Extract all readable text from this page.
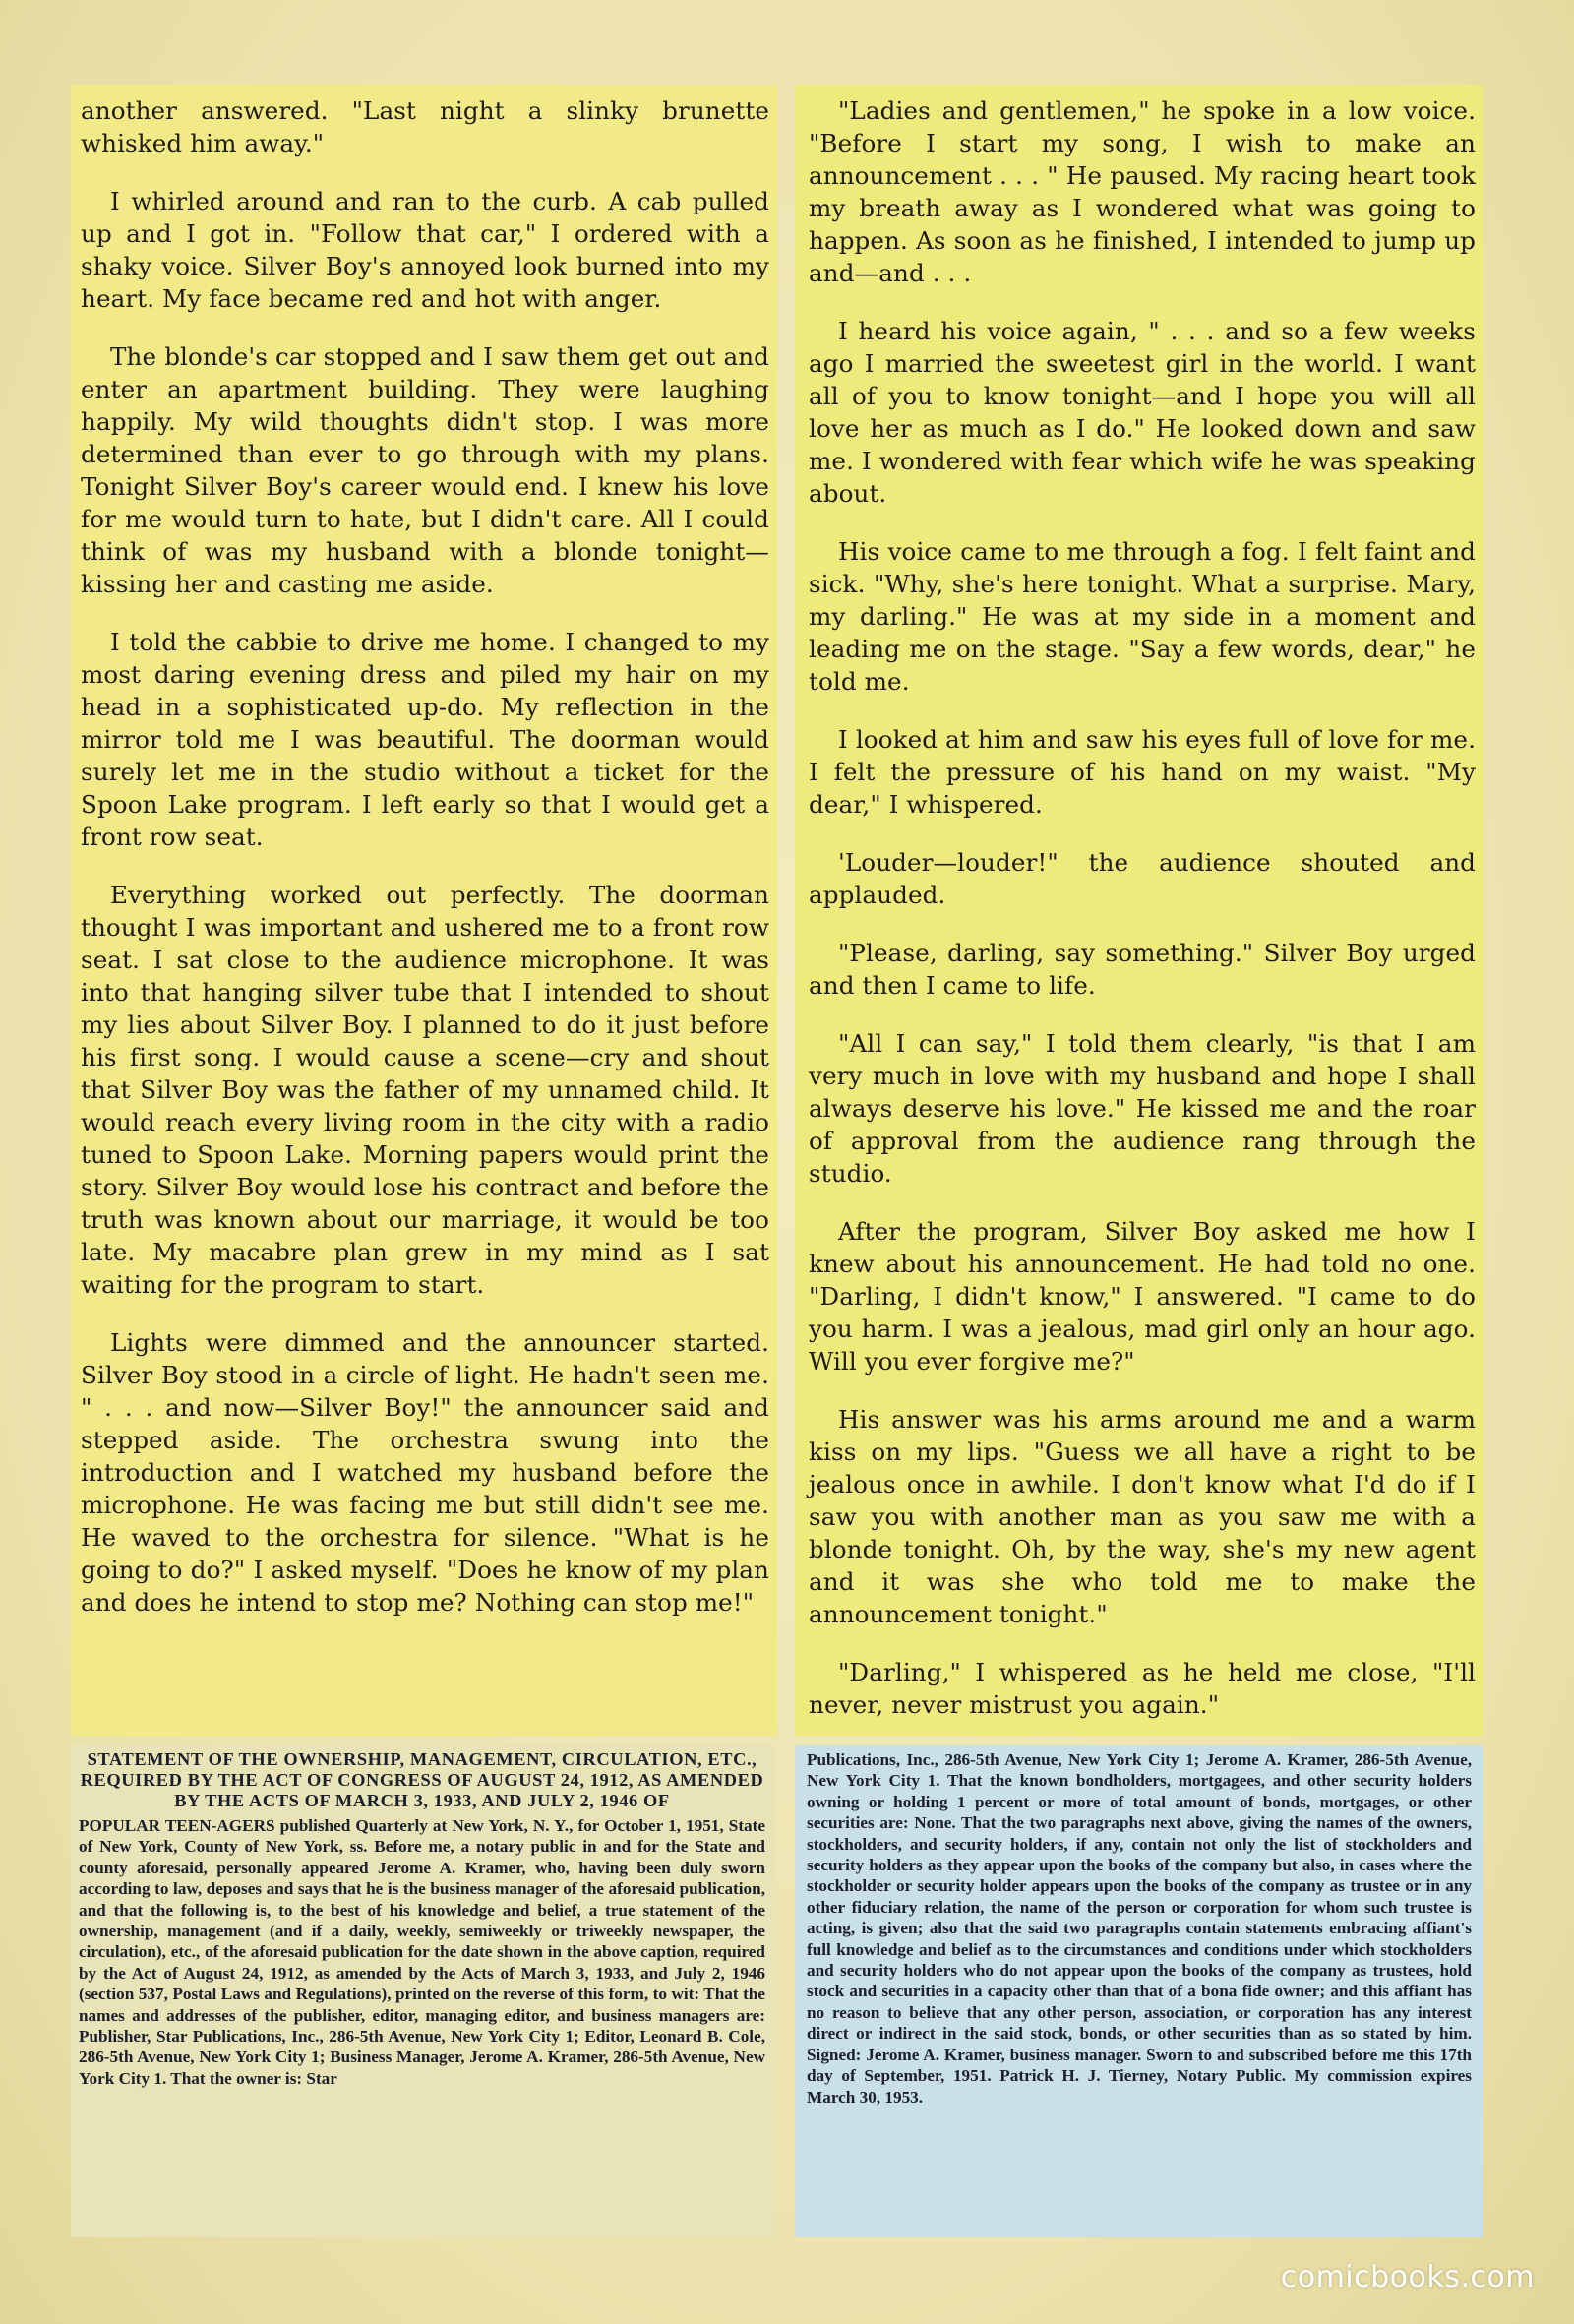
another answered. "Last night a slinky brunette whisked him away."

I whirled around and ran to the curb. A cab pulled up and I got in. "Follow that car," I ordered with a shaky voice. Silver Boy's annoyed look burned into my heart. My face became red and hot with anger.

The blonde's car stopped and I saw them get out and enter an apartment building. They were laughing happily. My wild thoughts didn't stop. I was more determined than ever to go through with my plans. Tonight Silver Boy's career would end. I knew his love for me would turn to hate, but I didn't care. All I could think of was my husband with a blonde tonight—kissing her and casting me aside.

I told the cabbie to drive me home. I changed to my most daring evening dress and piled my hair on my head in a sophisticated up-do. My reflection in the mirror told me I was beautiful. The doorman would surely let me in the studio without a ticket for the Spoon Lake program. I left early so that I would get a front row seat.

Everything worked out perfectly. The doorman thought I was important and ushered me to a front row seat. I sat close to the audience microphone. It was into that hanging silver tube that I intended to shout my lies about Silver Boy. I planned to do it just before his first song. I would cause a scene—cry and shout that Silver Boy was the father of my unnamed child. It would reach every living room in the city with a radio tuned to Spoon Lake. Morning papers would print the story. Silver Boy would lose his contract and before the truth was known about our marriage, it would be too late. My macabre plan grew in my mind as I sat waiting for the program to start.

Lights were dimmed and the announcer started. Silver Boy stood in a circle of light. He hadn't seen me. " . . . and now—Silver Boy!" the announcer said and stepped aside. The orchestra swung into the introduction and I watched my husband before the microphone. He was facing me but still didn't see me. He waved to the orchestra for silence. "What is he going to do?" I asked myself. "Does he know of my plan and does he intend to stop me? Nothing can stop me!"

"Ladies and gentlemen," he spoke in a low voice. "Before I start my song, I wish to make an announcement . . . " He paused. My racing heart took my breath away as I wondered what was going to happen. As soon as he finished, I intended to jump up and—and . . .

I heard his voice again, " . . . and so a few weeks ago I married the sweetest girl in the world. I want all of you to know tonight—and I hope you will all love her as much as I do." He looked down and saw me. I wondered with fear which wife he was speaking about.

His voice came to me through a fog. I felt faint and sick. "Why, she's here tonight. What a surprise. Mary, my darling." He was at my side in a moment and leading me on the stage. "Say a few words, dear," he told me.

I looked at him and saw his eyes full of love for me. I felt the pressure of his hand on my waist. "My dear," I whispered.

'Louder—louder!" the audience shouted and applauded.

"Please, darling, say something." Silver Boy urged and then I came to life.

"All I can say," I told them clearly, "is that I am very much in love with my husband and hope I shall always deserve his love." He kissed me and the roar of approval from the audience rang through the studio.

After the program, Silver Boy asked me how I knew about his announcement. He had told no one. "Darling, I didn't know," I answered. "I came to do you harm. I was a jealous, mad girl only an hour ago. Will you ever forgive me?"

His answer was his arms around me and a warm kiss on my lips. "Guess we all have a right to be jealous once in awhile. I don't know what I'd do if I saw you with another man as you saw me with a blonde tonight. Oh, by the way, she's my new agent and it was she who told me to make the announcement tonight."

"Darling," I whispered as he held me close, "I'll never, never mistrust you again."

STATEMENT OF THE OWNERSHIP, MANAGEMENT, CIRCULATION, ETC., REQUIRED BY THE ACT OF CONGRESS OF AUGUST 24, 1912, AS AMENDED BY THE ACTS OF MARCH 3, 1933, AND JULY 2, 1946 OF

POPULAR TEEN-AGERS published Quarterly at New York, N. Y., for October 1, 1951, State of New York, County of New York, ss. Before me, a notary public in and for the State and county aforesaid, personally appeared Jerome A. Kramer, who, having been duly sworn according to law, deposes and says that he is the business manager of the aforesaid publication, and that the following is, to the best of his knowledge and belief, a true statement of the ownership, management (and if a daily, weekly, semiweekly or triweekly newspaper, the circulation), etc., of the aforesaid publication for the date shown in the above caption, required by the Act of August 24, 1912, as amended by the Acts of March 3, 1933, and July 2, 1946 (section 537, Postal Laws and Regulations), printed on the reverse of this form, to wit: That the names and addresses of the publisher, editor, managing editor, and business managers are: Publisher, Star Publications, Inc., 286-5th Avenue, New York City 1; Editor, Leonard B. Cole, 286-5th Avenue, New York City 1; Business Manager, Jerome A. Kramer, 286-5th Avenue, New York City 1. That the owner is: Star

Publications, Inc., 286-5th Avenue, New York City 1; Jerome A. Kramer, 286-5th Avenue, New York City 1. That the known bondholders, mortgagees, and other security holders owning or holding 1 percent or more of total amount of bonds, mortgages, or other securities are: None. That the two paragraphs next above, giving the names of the owners, stockholders, and security holders, if any, contain not only the list of stockholders and security holders as they appear upon the books of the company but also, in cases where the stockholder or security holder appears upon the books of the company as trustee or in any other fiduciary relation, the name of the person or corporation for whom such trustee is acting, is given; also that the said two paragraphs contain statements embracing affiant's full knowledge and belief as to the circumstances and conditions under which stockholders and security holders who do not appear upon the books of the company as trustees, hold stock and securities in a capacity other than that of a bona fide owner; and this affiant has no reason to believe that any other person, association, or corporation has any interest direct or indirect in the said stock, bonds, or other securities than as so stated by him. Signed: Jerome A. Kramer, business manager. Sworn to and subscribed before me this 17th day of September, 1951. Patrick H. J. Tierney, Notary Public. My commission expires March 30, 1953.

comicbooks.com
